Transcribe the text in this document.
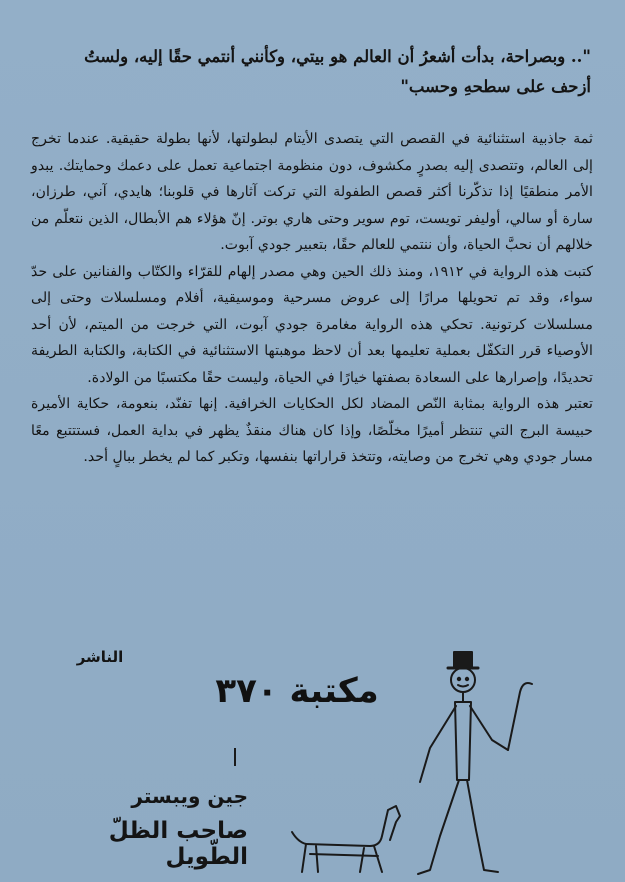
".. وبصراحة، بدأت أشعرُ أن العالم هو بيتي، وكأنني أنتمي حقًا إليه، ولستُ
أزحف على سطحهِ وحسب"

ثمة جاذبية استثنائية في القصص التي يتصدى الأيتام لبطولتها، لأنها بطولة حقيقية. عندما تخرج إلى العالم، وتتصدى إليه بصدرٍ مكشوف، دون منظومة اجتماعية تعمل على دعمك وحمايتك. يبدو الأمر منطقيًا إذا تذكّرنا أكثر قصص الطفولة التي تركت آثارها في قلوبنا؛ هايدي، آني، طرزان، سارة أو سالي، أوليفر تويست، توم سوير وحتى هاري بوتر. إنّ هؤلاء هم الأبطال، الذين نتعلّم من خلالهم أن نحبَّ الحياة، وأن ننتمي للعالم حقًا، بتعبير جودي آبوت.

كتبت هذه الرواية في ١٩١٢، ومنذ ذلك الحين وهي مصدر إلهام للقرّاء والكتّاب والفنانين على حدّ سواء، وقد تم تحويلها مرارًا إلى عروض مسرحية وموسيقية، أفلام ومسلسلات وحتى إلى مسلسلات كرتونية. تحكي هذه الرواية مغامرة جودي آبوت، التي خرجت من الميتم، لأن أحد الأوصياء قرر التكفّل بعملية تعليمها بعد أن لاحظ موهبتها الاستثنائية في الكتابة، والكتابة الطريفة تحديدًا، وإصرارها على السعادة بصفتها خيارًا في الحياة، وليست حقًا مكتسبًا من الولادة.

تعتبر هذه الرواية بمثابة النّص المضاد لكل الحكايات الخرافية. إنها تفنّد، بنعومة، حكاية الأميرة حبيسة البرج التي تنتظر أميرًا مخلّصًا، وإذا كان هناك منقذٌ يظهر في بداية العمل، فستتتبع معًا مسار جودي وهي تخرج من وصايته، وتتخذ قراراتها بنفسها، وتكبر كما لم يخطر ببالٍ أحد.

الناشر
مكتبة ٣٧٠
جين ويبستر
صاحب الظلّ الطّويل
